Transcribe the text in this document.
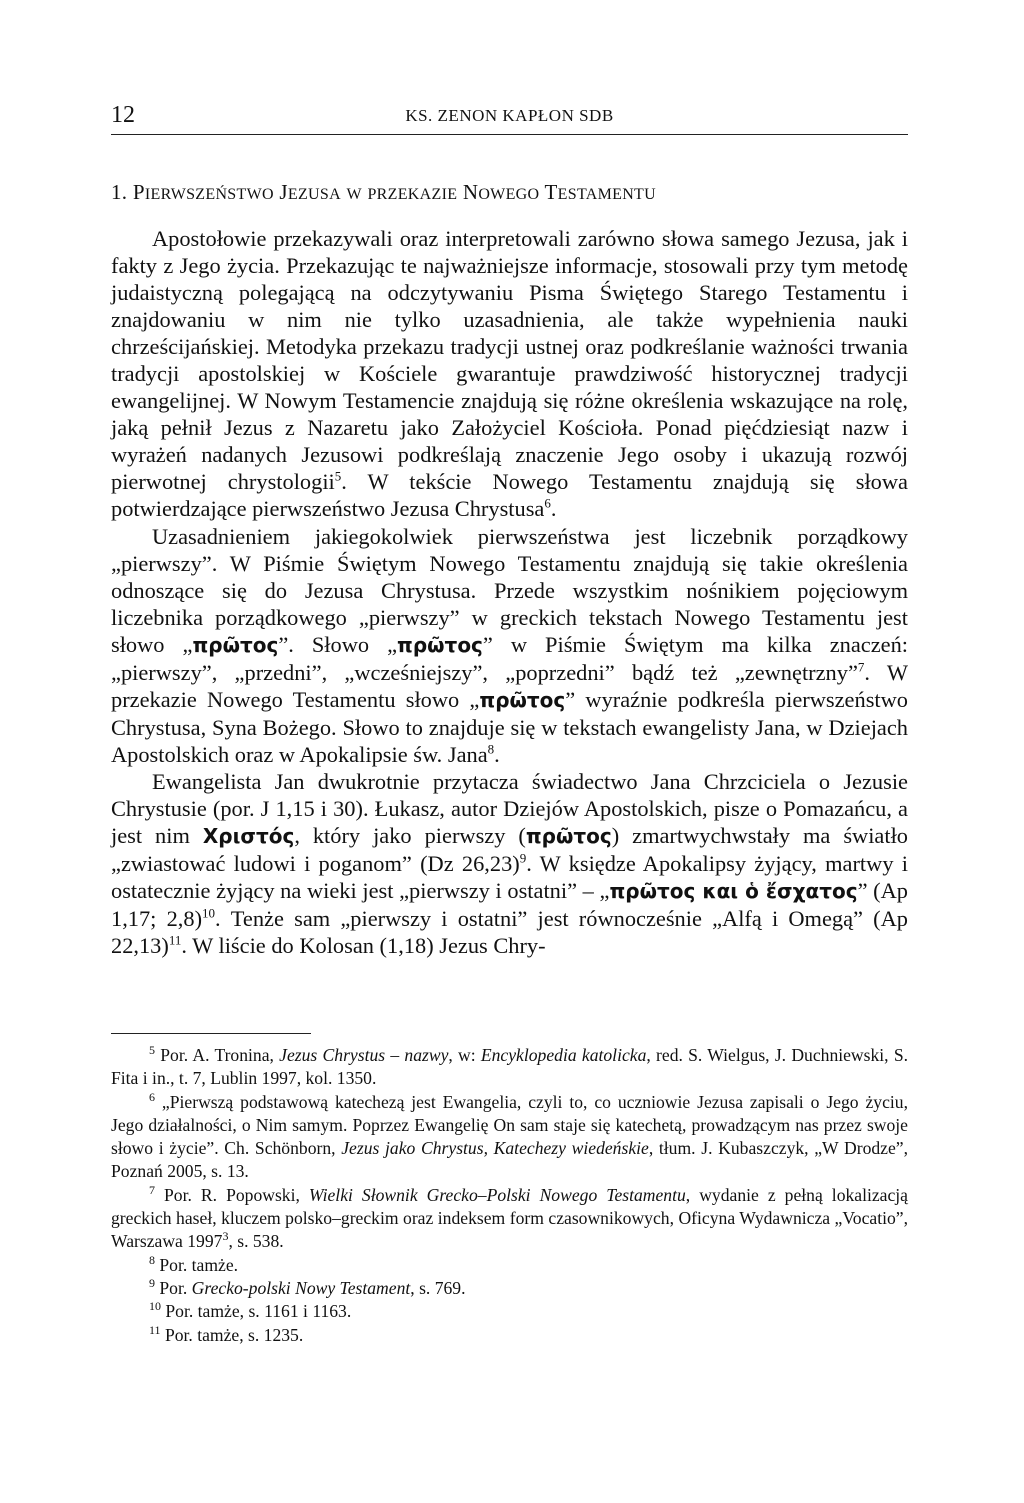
12	KS. ZENON KAPŁON SDB
1. PIERWSZEŃSTWO JEZUSA W PRZEKAZIE NOWEGO TESTAMENTU

Apostołowie przekazywali oraz interpretowali zarówno słowa samego Jezusa, jak i fakty z Jego życia. Przekazując te najważniejsze informacje, stosowali przy tym metodę judaistyczną polegającą na odczytywaniu Pisma Świętego Starego Testamentu i znajdowaniu w nim nie tylko uzasadnienia, ale także wypełnienia nauki chrześcijańskiej. Metodyka przekazu tradycji ustnej oraz podkreślanie ważności trwania tradycji apostolskiej w Kościele gwarantuje prawdziwość historycznej tradycji ewangelijnej. W Nowym Testamencie znajdują się różne określenia wskazujące na rolę, jaką pełnił Jezus z Nazaretu jako Założyciel Kościoła. Ponad pięćdziesiąt nazw i wyrażeń nadanych Jezusowi podkreślają znaczenie Jego osoby i ukazują rozwój pierwotnej chrystologii$^5$. W tekście Nowego Testamentu znajdują się słowa potwierdzające pierwszeństwo Jezusa Chrystusa$^6$.

Uzasadnieniem jakiegokolwiek pierwszeństwa jest liczebnik porządkowy „pierwszy”. W Piśmie Świętym Nowego Testamentu znajdują się takie określenia odnoszące się do Jezusa Chrystusa. Przede wszystkim nośnikiem pojęciowym liczebnika porządkowego „pierwszy” w greckich tekstach Nowego Testamentu jest słowo „πρῶτος”. Słowo „πρῶτος” w Piśmie Świętym ma kilka znaczeń: „pierwszy”, „przedni”, „wcześniejszy”, „poprzedni” bądź też „zewnętrzny”$^7$. W przekazie Nowego Testamentu słowo „πρῶτος” wyraźnie podkreśla pierwszeństwo Chrystusa, Syna Bożego. Słowo to znajduje się w tekstach ewangelisty Jana, w Dziejach Apostolskich oraz w Apokalipsie św. Jana$^8$.

Ewangelista Jan dwukrotnie przytacza świadectwo Jana Chrzciciela o Jezusie Chrystusie (por. J 1,15 i 30). Łukasz, autor Dziejów Apostolskich, pisze o Pomazańcu, a jest nim Χριστός, który jako pierwszy (πρῶτος) zmartwychwstały ma światło „zwiastować ludowi i poganom” (Dz 26,23)$^9$. W księdze Apokalipsy żyjący, martwy i ostatecznie żyjący na wieki jest „pierwszy i ostatni” – „πρῶτος και ὁ ἔσχατος” (Ap 1,17; 2,8)$^{10}$. Tenże sam „pierwszy i ostatni” jest równocześnie „Alfą i Omegą” (Ap 22,13)$^{11}$. W liście do Kolosan (1,18) Jezus Chry-

$^5$ Por. A. Tronina, Jezus Chrystus – nazwy, w: Encyklopedia katolicka, red. S. Wielgus, J. Duchniewski, S. Fita i in., t. 7, Lublin 1997, kol. 1350.

$^6$ „Pierwszą podstawową katechezą jest Ewangelia, czyli to, co uczniowie Jezusa zapisali o Jego życiu, Jego działalności, o Nim samym. Poprzez Ewangelię On sam staje się katechetą, prowadzącym nas przez swoje słowo i życie”. Ch. Schönborn, Jezus jako Chrystus, Katechezy wiedeńskie, tłum. J. Kubaszczyk, „W Drodze”, Poznań 2005, s. 13.

$^7$ Por. R. Popowski, Wielki Słownik Grecko–Polski Nowego Testamentu, wydanie z pełną lokalizacją greckich haseł, kluczem polsko–greckim oraz indeksem form czasownikowych, Oficyna Wydawnicza „Vocatio”, Warszawa 1997$^3$, s. 538.

$^8$ Por. tamże.

$^9$ Por. Grecko-polski Nowy Testament, s. 769.

$^{10}$ Por. tamże, s. 1161 i 1163.

$^{11}$ Por. tamże, s. 1235.
